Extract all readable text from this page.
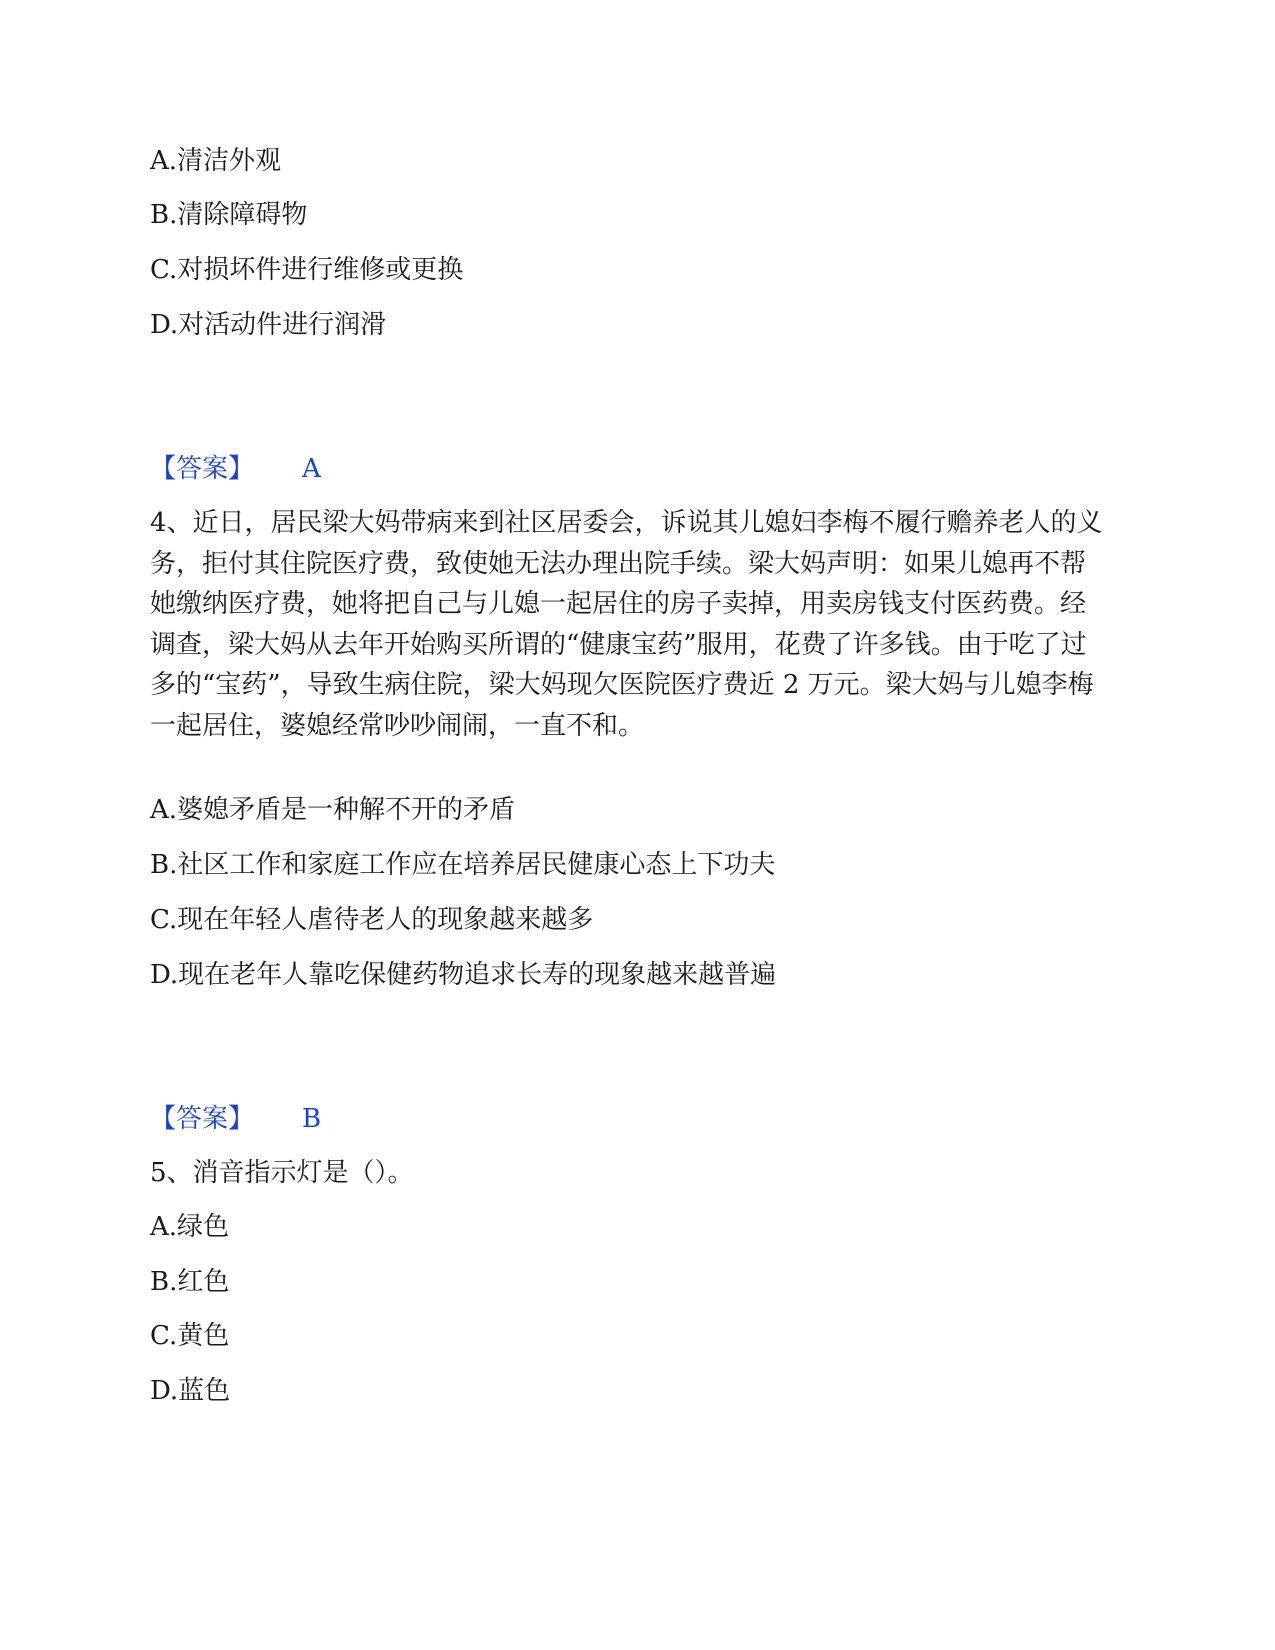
A.清洁外观
B.清除障碍物
C.对损坏件进行维修或更换
D.对活动件进行润滑
【答案】 A
4、近日，居民梁大妈带病来到社区居委会，诉说其儿媳妇李梅不履行赡养老人的义务，拒付其住院医疗费，致使她无法办理出院手续。梁大妈声明：如果儿媳再不帮她缴纳医疗费，她将把自己与儿媳一起居住的房子卖掉，用卖房钱支付医药费。经调查，梁大妈从去年开始购买所谓的“健康宝药”服用，花费了许多钱。由于吃了过多的“宝药”，导致生病住院，梁大妈现欠医院医疗费近 2 万元。梁大妈与儿媳李梅一起居住，婆媳经常吵吵闹闹，一直不和。
A.婆媳矛盾是一种解不开的矛盾
B.社区工作和家庭工作应在培养居民健康心态上下功夫
C.现在年轻人虐待老人的现象越来越多
D.现在老年人靠吃保健药物追求长寿的现象越来越普遍
【答案】 B
5、消音指示灯是（）。
A.绿色
B.红色
C.黄色
D.蓝色
